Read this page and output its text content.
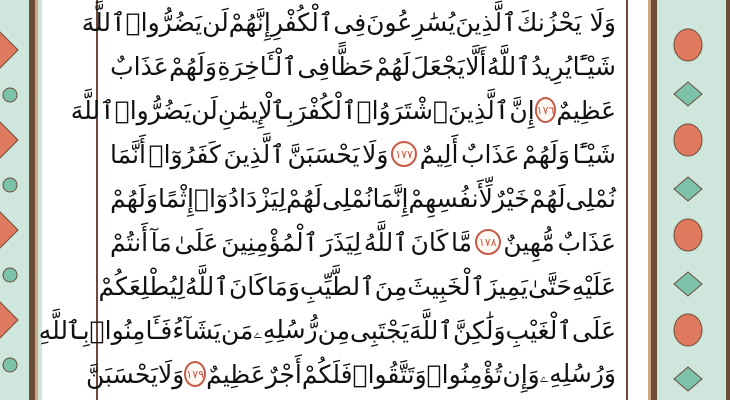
وَلَا يَحْزُنكَ
ٱلَّذِينَ
يُسَٰرِعُونَ
فِى
ٱلْكُفْرِ
إِنَّهُمْ
لَن
يَضُرُّوا۟
ٱللَّهَ
شَيْـًٔا
يُرِيدُ
ٱللَّهُ
أَلَّا
يَجْعَلَ
لَهُمْ
حَظًّا
فِى
ٱلْـَٔاخِرَةِ
وَلَهُمْ
عَذَابٌ
عَظِيمٌ
١٧٦
إِنَّ
ٱلَّذِينَ
ٱشْتَرَوُا۟
ٱلْكُفْرَ
بِٱلْإِيمَٰنِ
لَن
يَضُرُّوا۟
ٱللَّهَ
شَيْـًٔا
وَلَهُمْ
عَذَابٌ
أَلِيمٌ
١٧٧
وَلَا
يَحْسَبَنَّ
ٱلَّذِينَ
كَفَرُوٓا۟
أَنَّمَا
نُمْلِى
لَهُمْ
خَيْرٌ
لِّأَنفُسِهِمْ
إِنَّمَا
نُمْلِى
لَهُمْ
لِيَزْدَادُوٓا۟
إِثْمًا
وَلَهُمْ
عَذَابٌ
مُّهِينٌ
١٧٨
مَّا
كَانَ
ٱللَّهُ
لِيَذَرَ
ٱلْمُؤْمِنِينَ
عَلَىٰ
مَآ
أَنتُمْ
عَلَيْهِ
حَتَّىٰ
يَمِيزَ
ٱلْخَبِيثَ
مِنَ
ٱلطَّيِّبِ
وَمَا
كَانَ
ٱللَّهُ
لِيُطْلِعَكُمْ
عَلَى
ٱلْغَيْبِ
وَلَٰكِنَّ
ٱللَّهَ
يَجْتَبِى
مِن
رُّسُلِهِۦ
مَن
يَشَآءُ
فَـَٔامِنُوا۟
بِٱللَّهِ
وَرُسُلِهِۦ
وَإِن
تُؤْمِنُوا۟
وَتَتَّقُوا۟
فَلَكُمْ
أَجْرٌ
عَظِيمٌ
١٧٩
وَلَا
يَحْسَبَنَّ
